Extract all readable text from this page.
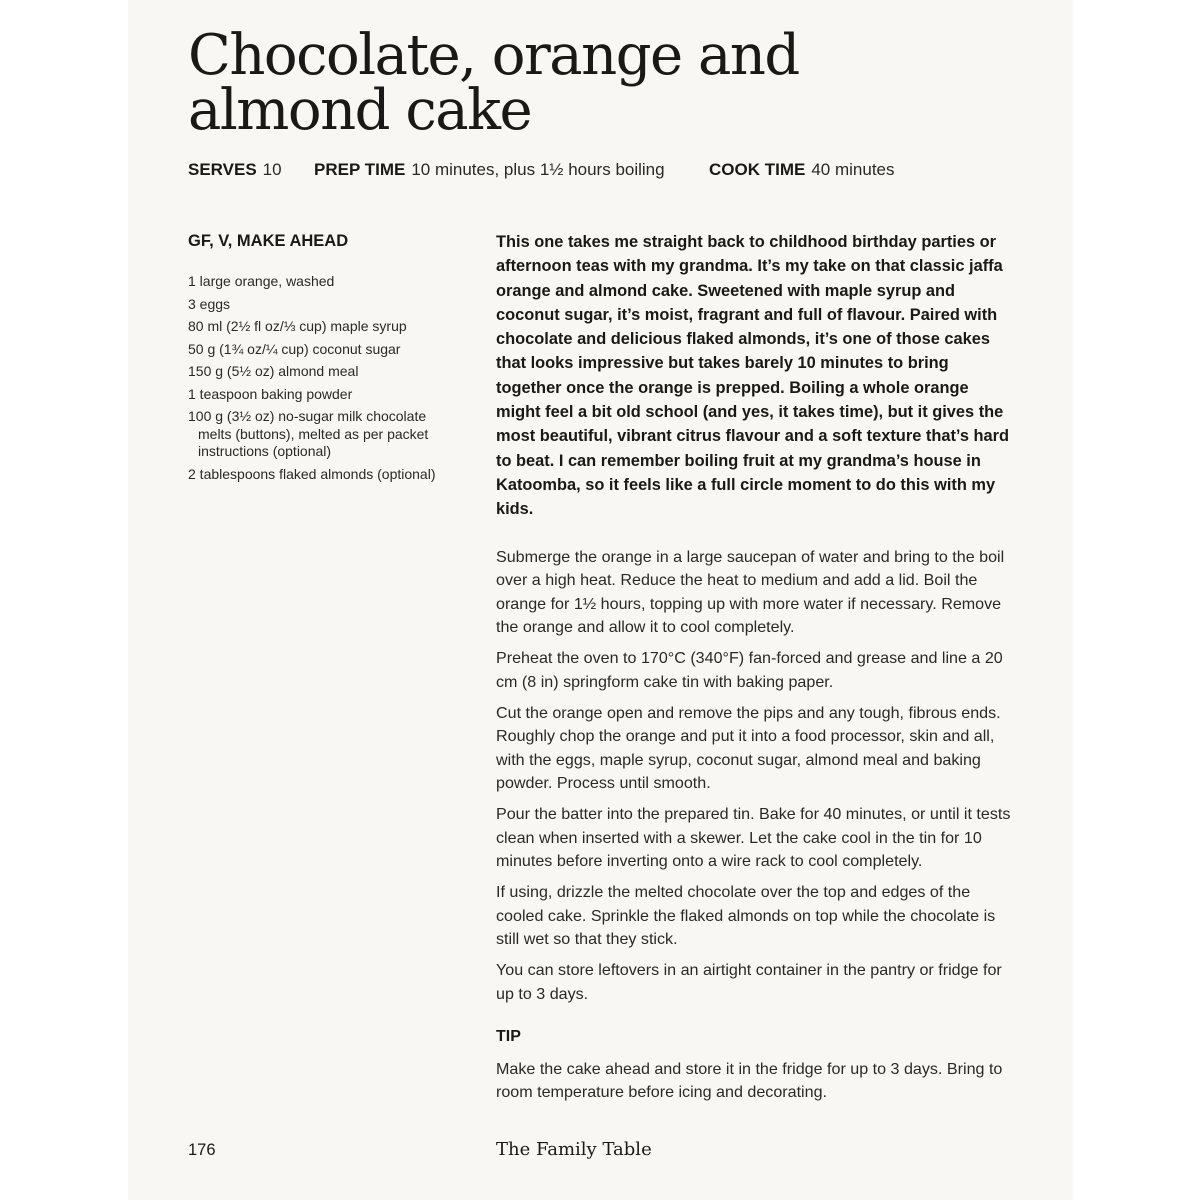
Chocolate, orange and
almond cake
SERVES 10 PREP TIME 10 minutes, plus 1½ hours boiling	COOK TIME 40 minutes
GF, V, MAKE AHEAD
1 large orange, washed
3 eggs
80 ml (2½ fl oz/⅓ cup) maple syrup
50 g (1¾ oz/¼ cup) coconut sugar
150 g (5½ oz) almond meal
1 teaspoon baking powder
100 g (3½ oz) no-sugar milk chocolate melts (buttons), melted as per packet instructions (optional)
2 tablespoons flaked almonds (optional)

This one takes me straight back to childhood birthday parties or afternoon teas with my grandma. It’s my take on that classic jaffa orange and almond cake. Sweetened with maple syrup and coconut sugar, it’s moist, fragrant and full of flavour. Paired with chocolate and delicious flaked almonds, it’s one of those cakes that looks impressive but takes barely 10 minutes to bring together once the orange is prepped. Boiling a whole orange might feel a bit old school (and yes, it takes time), but it gives the most beautiful, vibrant citrus flavour and a soft texture that’s hard to beat. I can remember boiling fruit at my grandma’s house in Katoomba, so it feels like a full circle moment to do this with my kids.

Submerge the orange in a large saucepan of water and bring to the boil over a high heat. Reduce the heat to medium and add a lid. Boil the orange for 1½ hours, topping up with more water if necessary. Remove the orange and allow it to cool completely.

Preheat the oven to 170°C (340°F) fan-forced and grease and line a 20 cm (8 in) springform cake tin with baking paper.

Cut the orange open and remove the pips and any tough, fibrous ends. Roughly chop the orange and put it into a food processor, skin and all, with the eggs, maple syrup, coconut sugar, almond meal and baking powder. Process until smooth.

Pour the batter into the prepared tin. Bake for 40 minutes, or until it tests clean when inserted with a skewer. Let the cake cool in the tin for 10 minutes before inverting onto a wire rack to cool completely.

If using, drizzle the melted chocolate over the top and edges of the cooled cake. Sprinkle the flaked almonds on top while the chocolate is still wet so that they stick.

You can store leftovers in an airtight container in the pantry or fridge for up to 3 days.

TIP

Make the cake ahead and store it in the fridge for up to 3 days. Bring to room temperature before icing and decorating.

176	The Family Table
